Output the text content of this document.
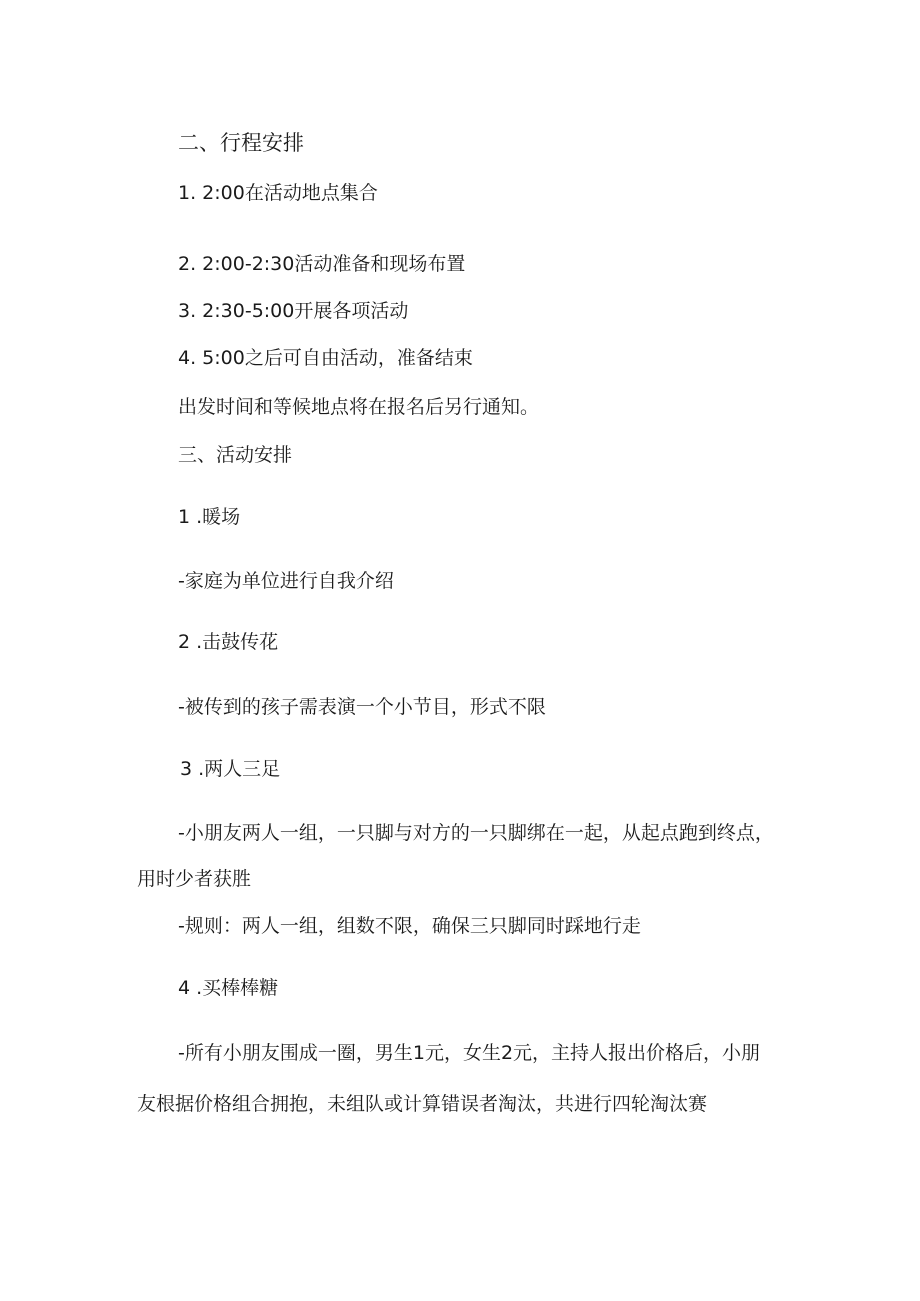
二、行程安排
1. 2:00在活动地点集合
2. 2:00-2:30活动准备和现场布置
3. 2:30-5:00开展各项活动
4. 5:00之后可自由活动，准备结束
出发时间和等候地点将在报名后另行通知。
三、活动安排
1 .暖场
-家庭为单位进行自我介绍
2 .击鼓传花
-被传到的孩子需表演一个小节目，形式不限
3 .两人三足
-小朋友两人一组，一只脚与对方的一只脚绑在一起，从起点跑到终点，
用时少者获胜
-规则：两人一组，组数不限，确保三只脚同时踩地行走
4 .买棒棒糖
-所有小朋友围成一圈，男生1元，女生2元，主持人报出价格后，小朋
友根据价格组合拥抱，未组队或计算错误者淘汰，共进行四轮淘汰赛
